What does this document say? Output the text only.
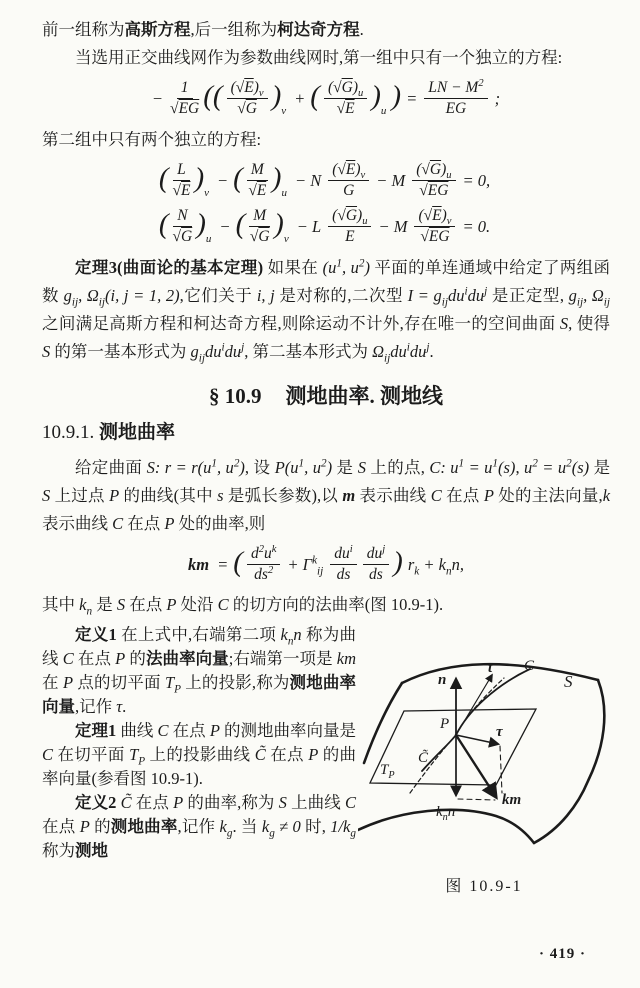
前一组称为高斯方程,后一组称为柯达奇方程.

当选用正交曲线网作为参数曲线网时,第一组中只有一个独立的方程:

− $\frac{1}{√EG}$ (( $\frac{(√E)_v}{√G}$ ) v
+ ( $\frac{(√G)_u}{√E}$ ) u ) = $\frac{LN - M^2}{EG}$ ;

第二组中只有两个独立的方程:

( $\frac{L}{√E}$ ) v
− ( $\frac{M}{√E}$ ) u
− N $\frac{(√E)_v}{G} - M \frac{(√G)_u}{√EG} = 0$,
( $\frac{N}{√G}$ ) u
− ( $\frac{M}{√G}$ ) v
− L $\frac{(√G)_u}{E} - M \frac{(√E)_v}{√EG} = 0$.

定理3(曲面论的基本定理) 如果在 ($u^1$, $u^2$) 平面的单连通域中给定了两组函数 $g_{ij}$, $\Omega_{ij}(i$, j = 1, 2),它们关于 i, j 是对称的,二次型 $I = g_{ij}du^idu^j$ 是正定型, $g_{ij}$, $\Omega_{ij}$ 之间满足高斯方程和柯达奇方程,则除运动不计外,存在唯一的空间曲面 S, 使得 S 的第一基本形式为 $g_{ij}du^idu^j$, 第二基本形式为 $\Omega_{ij}du^idu^j$.

§ 10.9 测地曲率. 测地线
10.9.1. 测地曲率

给定曲面 S: $r = r(u^1$, $u^2$), 设 $P(u^1$, $u^2$) 是 S 上的点, C: $u^1 = u^1(s)$, $u^2 = u^2(s)$ 是 S 上过点 P 的曲线(其中 s 是弧长参数),以 m 表示曲线 C 在点 P 处的主法向量,k 表示曲线 C 在点 P 处的曲率,则

km = ( $\frac{d^2u^k}{ds^2} + \Gamma^k_{ij} \frac{du^i}{ds} \frac{du^j}{ds}$ ) $r_k + k_nn$,

其中 $k_n$ 是 S 在点 P 处沿 C 的切方向的法曲率(图 10.9-1).

定义1 在上式中,右端第二项 $k_nn$ 称为曲线 C 在点 P 的法曲率向量;右端第一项是 km 在 P 点的切平面 $T_P$ 上的投影,称为测地曲率向量,记作 τ.

定理1 曲线 C 在点 P 的测地曲率向量是 C 在切平面 $T_P$ 上的投影曲线 C̃ 在点 P 的曲率向量(参看图 10.9-1).

定义2 C̃ 在点 P 的曲率,称为 S 上曲线 C 在点 P 的测地曲率,记作 $k_g$. 当 $k_g \ne 0$ 时, $1/k_g$ 称为测地

n
t C
S
P	τ
C̃
$T_P$
km
$k_nn$
图 10.9-1
· 419 ·
